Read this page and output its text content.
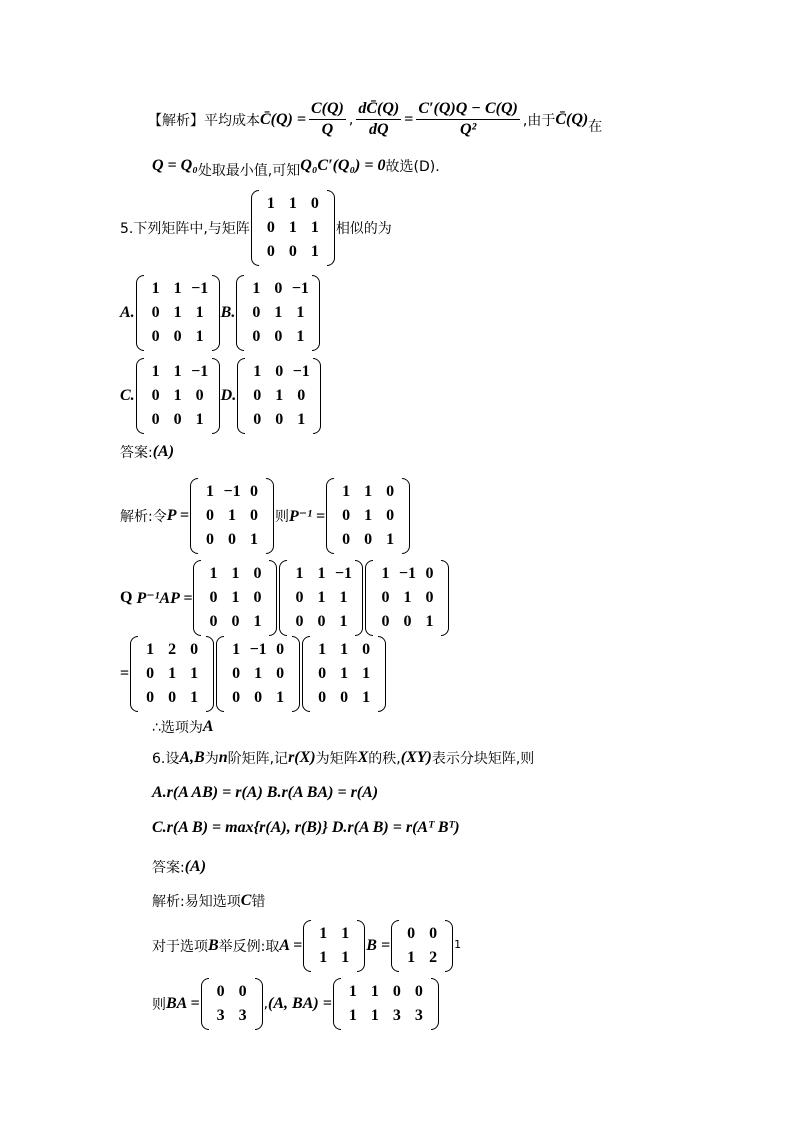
【解析】平均成本 C̄(Q) = $\frac{C(Q)}{Q}$ , $\frac{dC̄(Q)}{dQ} = \frac{C'(Q)Q - C(Q)}{\text{Q²}}$ ,由于 C̄(Q) 在
Q = Q₀ 处取最小值,可知 Q₀C′(Q₀) = 0 故选(D).
5.下列矩阵中,与矩阵
1 1 0
0 1 1
0 0 1
相似的为
A.
1 1 −1
0 1 1
0 0 1
B.
1 0 −1
0 1 1
0 0 1
C.
1 1 −1
0 1 0
0 0 1
D.
1 0 −1
0 1 0
0 0 1
答案: (A)
解析:令 P =
1 −1 0
0 1 0
0 0 1
则 P⁻¹ =
1 1 0
0 1 0
0 0 1
Q P⁻¹AP =
1 1 0
0 1 0
0 0 1
1 1 −1
0 1 1
0 0 1
1 −1 0
0 1 0
0 0 1
=
1 2 0
0 1 1
0 0 1
1 −1 0
0 1 0
0 0 1
1 1 0
0 1 1
0 0 1
∴选项为 A
6.设 A,B 为 n 阶矩阵,记 r(X) 为矩阵 X 的秩, (XY) 表示分块矩阵,则
A.r(A AB) = r(A) B.r(A BA) = r(A)
C.r(A B) = max{r(A), r(B)} D.r(A B) = r(Aᵀ Bᵀ)
答案: (A)
解析:易知选项 C 错
对于选项 B 举反例:取 A =
1 1
1 1
B =
0 0
1 2
1
则 BA =
0 0
3 3
, (A, BA) =
1 1 0 0
1 1 3 3
